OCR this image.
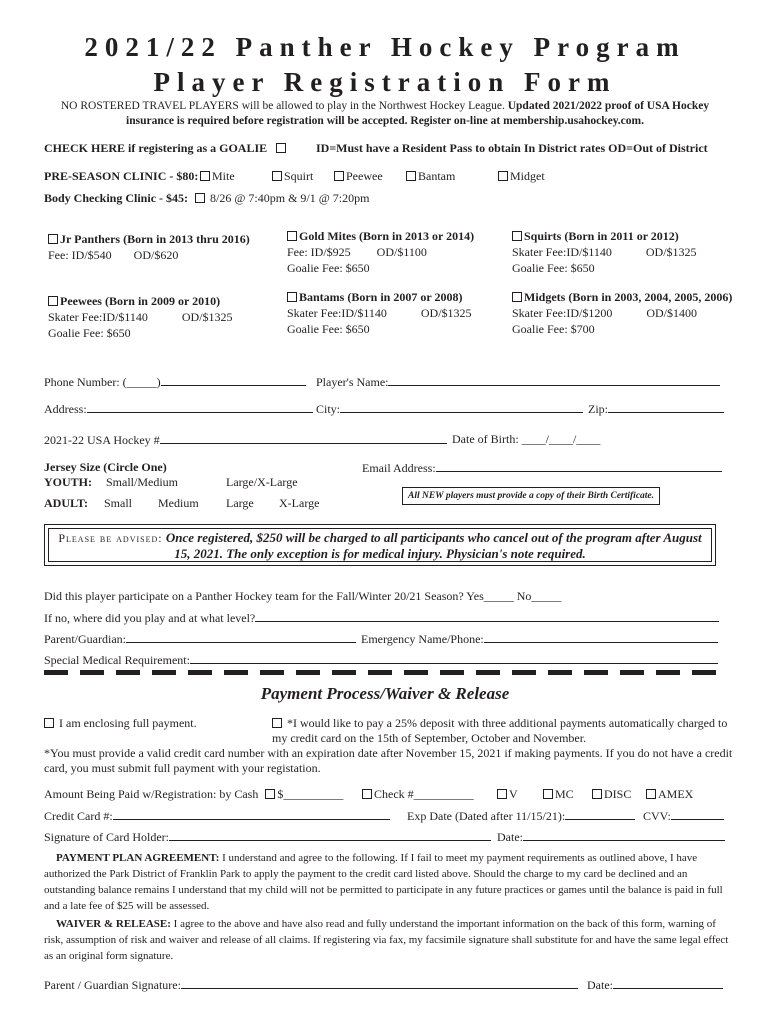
2021/22 Panther Hockey Program
Player Registration Form
NO ROSTERED TRAVEL PLAYERS will be allowed to play in the Northwest Hockey League. Updated 2021/2022 proof of USA Hockey insurance is required before registration will be accepted. Register on-line at membership.usahockey.com.
CHECK HERE if registering as a GOALIE	ID=Must have a Resident Pass to obtain In District rates OD=Out of District
PRE-SEASON CLINIC - $80:	Mite	Squirt	Peewee	Bantam	Midget
Body Checking Clinic - $45: 8/26 @ 7:40pm & 9/1 @ 7:20pm
Jr Panthers (Born in 2013 thru 2016)
Fee: ID/$540 OD/$620
Gold Mites (Born in 2013 or 2014)
Fee: ID/$925 OD/$1100
Goalie Fee: $650
Squirts (Born in 2011 or 2012)
Skater Fee:ID/$1140	OD/$1325
Goalie Fee: $650
Peewees (Born in 2009 or 2010)
Skater Fee:ID/$1140	OD/$1325
Goalie Fee: $650
Bantams (Born in 2007 or 2008)
Skater Fee:ID/$1140	OD/$1325
Goalie Fee: $650
Midgets (Born in 2003, 2004, 2005, 2006)
Skater Fee:ID/$1200	OD/$1400
Goalie Fee: $700
Phone Number: (_____)	Player's Name:
Address:	City:	Zip:
2021-22 USA Hockey #	Date of Birth: ____/____/____
Jersey Size (Circle One)
YOUTH: Small/Medium	Large/X-Large
ADULT: Small Medium Large X-Large
Email Address:
All NEW players must provide a copy of their Birth Certificate.
Please be advised: Once registered, $250 will be charged to all participants who cancel out of the program after August 15, 2021. The only exception is for medical injury. Physician's note required.
Did this player participate on a Panther Hockey team for the Fall/Winter 20/21 Season? Yes_____ No_____
If no, where did you play and at what level?
Parent/Guardian:	Emergency Name/Phone:
Special Medical Requirement:
Payment Process/Waiver & Release
I am enclosing full payment.	*I would like to pay a 25% deposit with three additional payments automatically charged to my credit card on the 15th of September, October and November.
*You must provide a valid credit card number with an expiration date after November 15, 2021 if making payments. If you do not have a credit card, you must submit full payment with your registation.
Amount Being Paid w/Registration: by Cash $__________	Check #__________	V	MC	DISC	AMEX
Credit Card #:	Exp Date (Dated after 11/15/21):	CVV:
Signature of Card Holder:	Date:
PAYMENT PLAN AGREEMENT: I understand and agree to the following. If I fail to meet my payment requirements as outlined above, I have authorized the Park District of Franklin Park to apply the payment to the credit card listed above. Should the charge to my card be declined and an outstanding balance remains I understand that my child will not be permitted to participate in any future practices or games until the balance is paid in full and a late fee of $25 will be assessed.
WAIVER & RELEASE: I agree to the above and have also read and fully understand the important information on the back of this form, warning of risk, assumption of risk and waiver and release of all claims. If registering via fax, my facsimile signature shall substitute for and have the same legal effect as an original form signature.
Parent / Guardian Signature:	Date:
